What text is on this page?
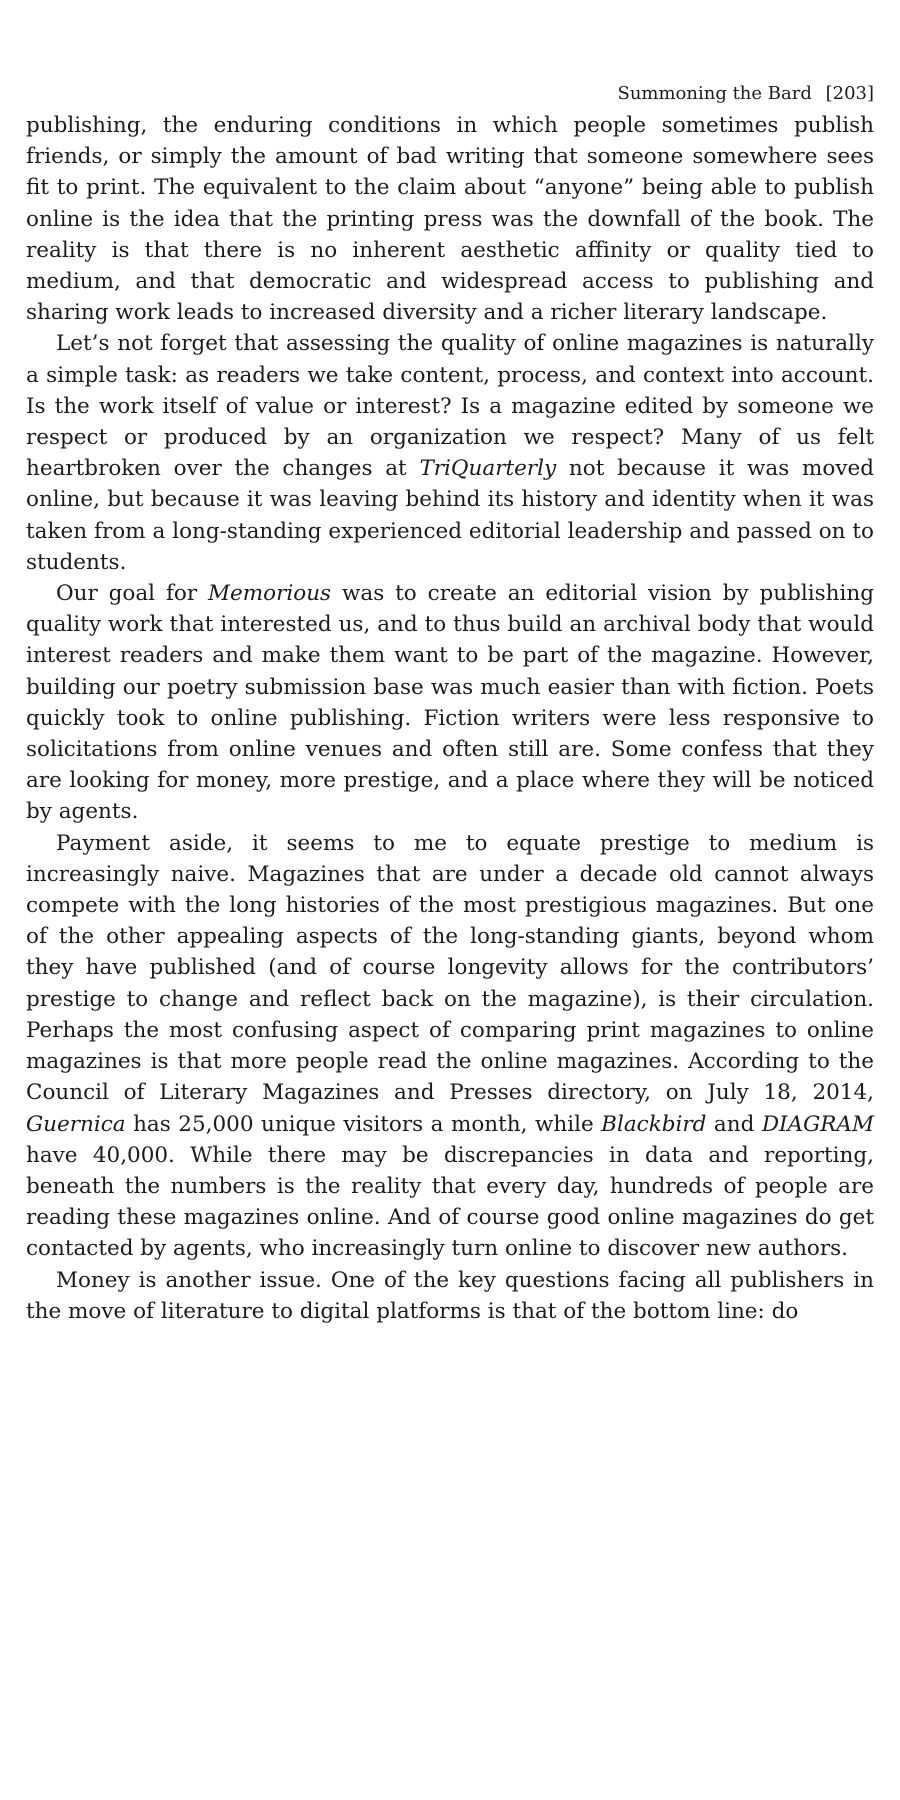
Summoning the Bard [203]

publishing, the enduring conditions in which people sometimes publish friends, or simply the amount of bad writing that someone somewhere sees fit to print. The equivalent to the claim about “anyone” being able to publish online is the idea that the printing press was the downfall of the book. The reality is that there is no inherent aesthetic affinity or quality tied to medium, and that democratic and widespread access to publishing and sharing work leads to increased diversity and a richer literary landscape.

Let’s not forget that assessing the quality of online magazines is naturally a simple task: as readers we take content, process, and context into account. Is the work itself of value or interest? Is a magazine edited by someone we respect or produced by an organization we respect? Many of us felt heartbroken over the changes at TriQuarterly not because it was moved online, but because it was leaving behind its history and identity when it was taken from a long-standing experienced editorial leadership and passed on to students.

Our goal for Memorious was to create an editorial vision by publishing quality work that interested us, and to thus build an archival body that would interest readers and make them want to be part of the magazine. However, building our poetry submission base was much easier than with fiction. Poets quickly took to online publishing. Fiction writers were less responsive to solicitations from online venues and often still are. Some confess that they are looking for money, more prestige, and a place where they will be noticed by agents.

Payment aside, it seems to me to equate prestige to medium is increasingly naive. Magazines that are under a decade old cannot always compete with the long histories of the most prestigious magazines. But one of the other appealing aspects of the long-standing giants, beyond whom they have published (and of course longevity allows for the contributors’ prestige to change and reflect back on the magazine), is their circulation. Perhaps the most confusing aspect of comparing print magazines to online magazines is that more people read the online magazines. According to the Council of Literary Magazines and Presses directory, on July 18, 2014, Guernica has 25,000 unique visitors a month, while Blackbird and DIAGRAM have 40,000. While there may be discrepancies in data and reporting, beneath the numbers is the reality that every day, hundreds of people are reading these magazines online. And of course good online magazines do get contacted by agents, who increasingly turn online to discover new authors.

Money is another issue. One of the key questions facing all publishers in the move of literature to digital platforms is that of the bottom line: do
